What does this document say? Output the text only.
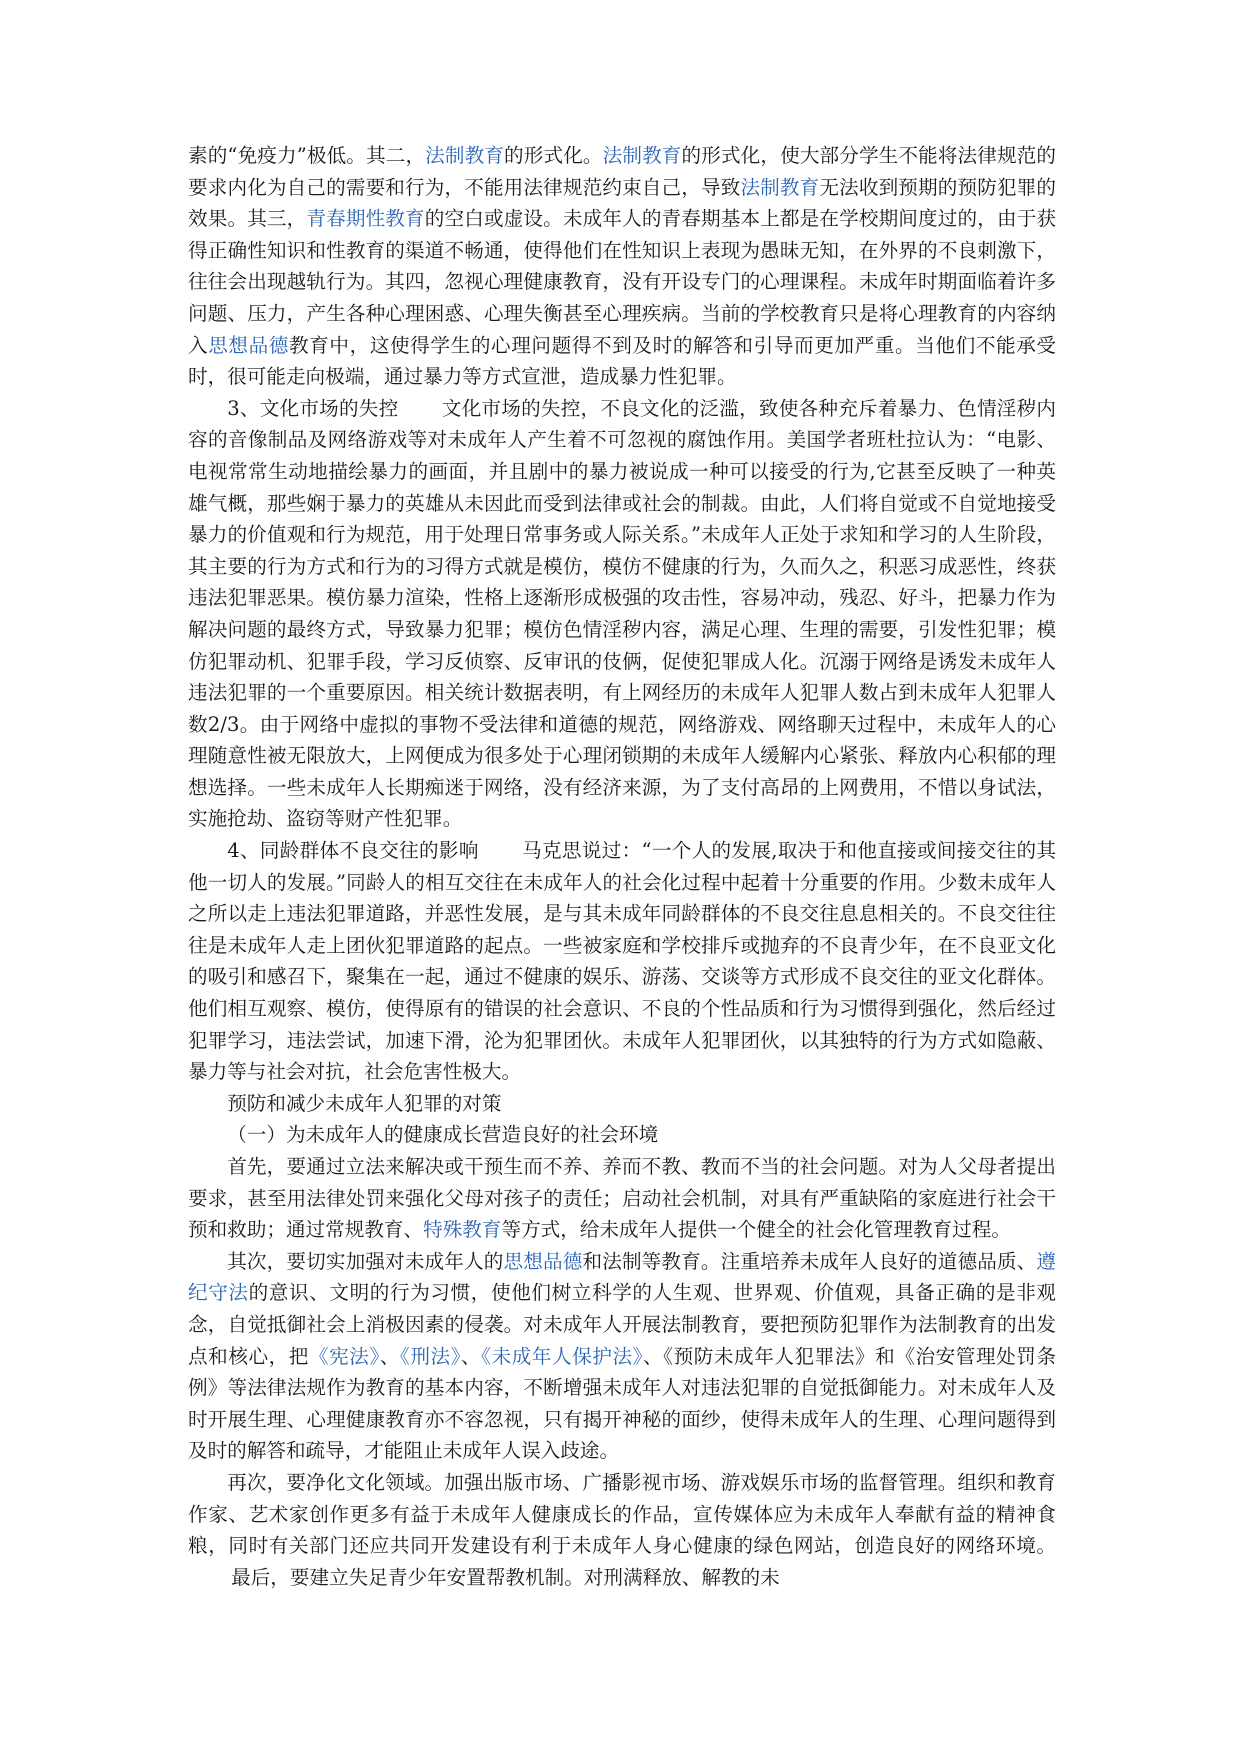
素的“免疫力”极低。其二，法制教育的形式化。法制教育的形式化，使大部分学生不能将法律规范的要求内化为自己的需要和行为，不能用法律规范约束自己，导致法制教育无法收到预期的预防犯罪的效果。其三，青春期性教育的空白或虚设。未成年人的青春期基本上都是在学校期间度过的，由于获得正确性知识和性教育的渠道不畅通，使得他们在性知识上表现为愚昧无知，在外界的不良刺激下，往往会出现越轨行为。其四，忽视心理健康教育，没有开设专门的心理课程。未成年时期面临着许多问题、压力，产生各种心理困惑、心理失衡甚至心理疾病。当前的学校教育只是将心理教育的内容纳入思想品德教育中，这使得学生的心理问题得不到及时的解答和引导而更加严重。当他们不能承受时，很可能走向极端，通过暴力等方式宣泄，造成暴力性犯罪。

3、文化市场的失控 文化市场的失控，不良文化的泛滥，致使各种充斥着暴力、色情淫秽内容的音像制品及网络游戏等对未成年人产生着不可忽视的腐蚀作用。美国学者班杜拉认为：“电影、电视常常生动地描绘暴力的画面，并且剧中的暴力被说成一种可以接受的行为,它甚至反映了一种英雄气概，那些娴于暴力的英雄从未因此而受到法律或社会的制裁。由此，人们将自觉或不自觉地接受暴力的价值观和行为规范，用于处理日常事务或人际关系。”未成年人正处于求知和学习的人生阶段，其主要的行为方式和行为的习得方式就是模仿，模仿不健康的行为，久而久之，积恶习成恶性，终获违法犯罪恶果。模仿暴力渲染，性格上逐渐形成极强的攻击性，容易冲动，残忍、好斗，把暴力作为解决问题的最终方式，导致暴力犯罪；模仿色情淫秽内容，满足心理、生理的需要，引发性犯罪；模仿犯罪动机、犯罪手段，学习反侦察、反审讯的伎俩，促使犯罪成人化。沉溺于网络是诱发未成年人违法犯罪的一个重要原因。相关统计数据表明，有上网经历的未成年人犯罪人数占到未成年人犯罪人数2/3。由于网络中虚拟的事物不受法律和道德的规范，网络游戏、网络聊天过程中，未成年人的心理随意性被无限放大，上网便成为很多处于心理闭锁期的未成年人缓解内心紧张、释放内心积郁的理想选择。一些未成年人长期痴迷于网络，没有经济来源，为了支付高昂的上网费用，不惜以身试法，实施抢劫、盗窃等财产性犯罪。

4、同龄群体不良交往的影响 马克思说过：“一个人的发展,取决于和他直接或间接交往的其他一切人的发展。”同龄人的相互交往在未成年人的社会化过程中起着十分重要的作用。少数未成年人之所以走上违法犯罪道路，并恶性发展，是与其未成年同龄群体的不良交往息息相关的。不良交往往往是未成年人走上团伙犯罪道路的起点。一些被家庭和学校排斥或抛弃的不良青少年，在不良亚文化的吸引和感召下，聚集在一起，通过不健康的娱乐、游荡、交谈等方式形成不良交往的亚文化群体。他们相互观察、模仿，使得原有的错误的社会意识、不良的个性品质和行为习惯得到强化，然后经过犯罪学习，违法尝试，加速下滑，沦为犯罪团伙。未成年人犯罪团伙，以其独特的行为方式如隐蔽、暴力等与社会对抗，社会危害性极大。

预防和减少未成年人犯罪的对策

（一）为未成年人的健康成长营造良好的社会环境

首先，要通过立法来解决或干预生而不养、养而不教、教而不当的社会问题。对为人父母者提出要求，甚至用法律处罚来强化父母对孩子的责任；启动社会机制，对具有严重缺陷的家庭进行社会干预和救助；通过常规教育、特殊教育等方式，给未成年人提供一个健全的社会化管理教育过程。

其次，要切实加强对未成年人的思想品德和法制等教育。注重培养未成年人良好的道德品质、遵纪守法的意识、文明的行为习惯，使他们树立科学的人生观、世界观、价值观，具备正确的是非观念，自觉抵御社会上消极因素的侵袭。对未成年人开展法制教育，要把预防犯罪作为法制教育的出发点和核心，把《宪法》、《刑法》、《未成年人保护法》、《预防未成年人犯罪法》和《治安管理处罚条例》等法律法规作为教育的基本内容，不断增强未成年人对违法犯罪的自觉抵御能力。对未成年人及时开展生理、心理健康教育亦不容忽视，只有揭开神秘的面纱，使得未成年人的生理、心理问题得到及时的解答和疏导，才能阻止未成年人误入歧途。

再次，要净化文化领域。加强出版市场、广播影视市场、游戏娱乐市场的监督管理。组织和教育作家、艺术家创作更多有益于未成年人健康成长的作品，宣传媒体应为未成年人奉献有益的精神食粮，同时有关部门还应共同开发建设有利于未成年人身心健康的绿色网站，创造良好的网络环境。最后，要建立失足青少年安置帮教机制。对刑满释放、解教的未
